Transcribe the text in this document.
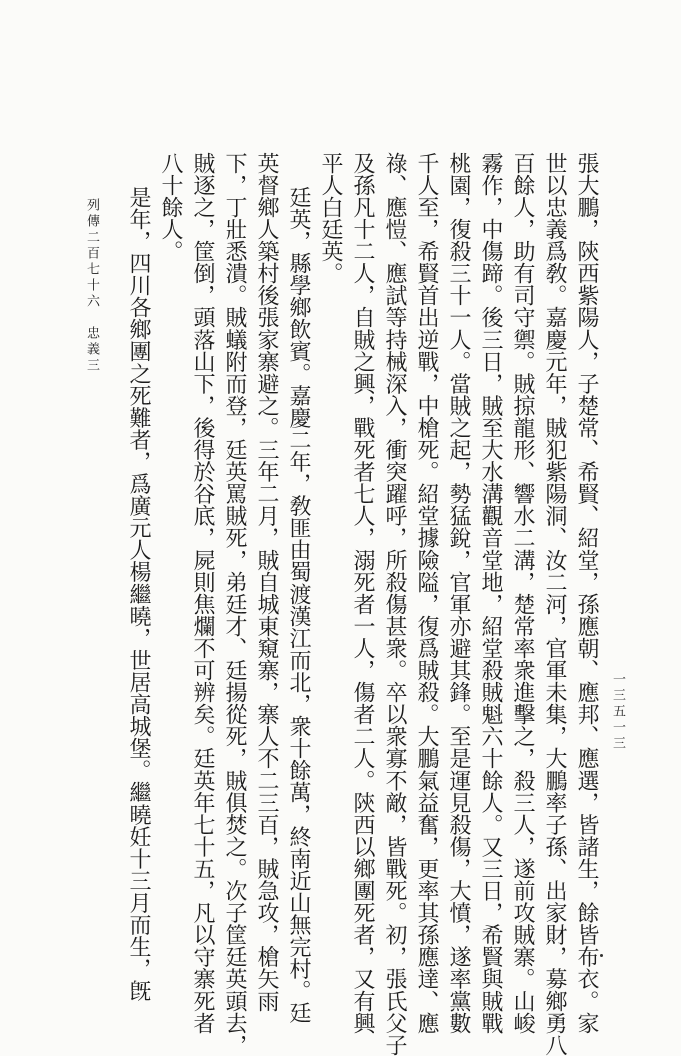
張大鵬，陝西紫陽人，子楚常、希賢、紹堂，孫應朝、應邦、應選，皆諸生，餘皆布衣。家
世以忠義爲敎。嘉慶元年，賊犯紫陽洞、汝二河，官軍未集，大鵬率子孫、出家財，募鄉勇八
百餘人，助有司守禦。賊掠龍形、響水二溝，楚常率衆進擊之，殺三人，遂前攻賊寨。山峻
霧作，中傷蹄。後三日，賊至大水溝觀音堂地，紹堂殺賊魁六十餘人。又三日，希賢與賊戰
桃園，復殺三十一人。當賊之起，勢猛銳，官軍亦避其鋒。至是運見殺傷，大憤，遂率黨數
千人至，希賢首出逆戰，中槍死。紹堂據險隘，復爲賊殺。大鵬氣益奮，更率其孫應達、應
祿、應愷、應試等持械深入，衝突躍呼，所殺傷甚衆。卒以衆寡不敵，皆戰死。初，張氏父子
及孫凡十二人，自賊之興，戰死者七人，溺死者一人，傷者二人。陝西以鄉團死者，又有興
平人白廷英。
廷英，縣學鄉飲賓。嘉慶二年，敎匪由蜀渡漢江而北，衆十餘萬，終南近山無完村。廷
英督鄉人築村後張家寨避之。三年二月，賊自城東窺寨，寨人不二三百，賊急攻，槍矢雨
下，丁壯悉潰。賊蟻附而登，廷英罵賊死，弟廷才、廷揚從死，賊俱焚之。次子筐廷英頭去，
賊逐之，筐倒，頭落山下，後得於谷底，屍則焦爛不可辨矣。廷英年七十五，凡以守寨死者
八十餘人。
是年，四川各鄉團之死難者，爲廣元人楊繼曉，世居高城堡。繼曉妊十三月而生，旣
列傳二百七十六　忠義三
一三五一三
